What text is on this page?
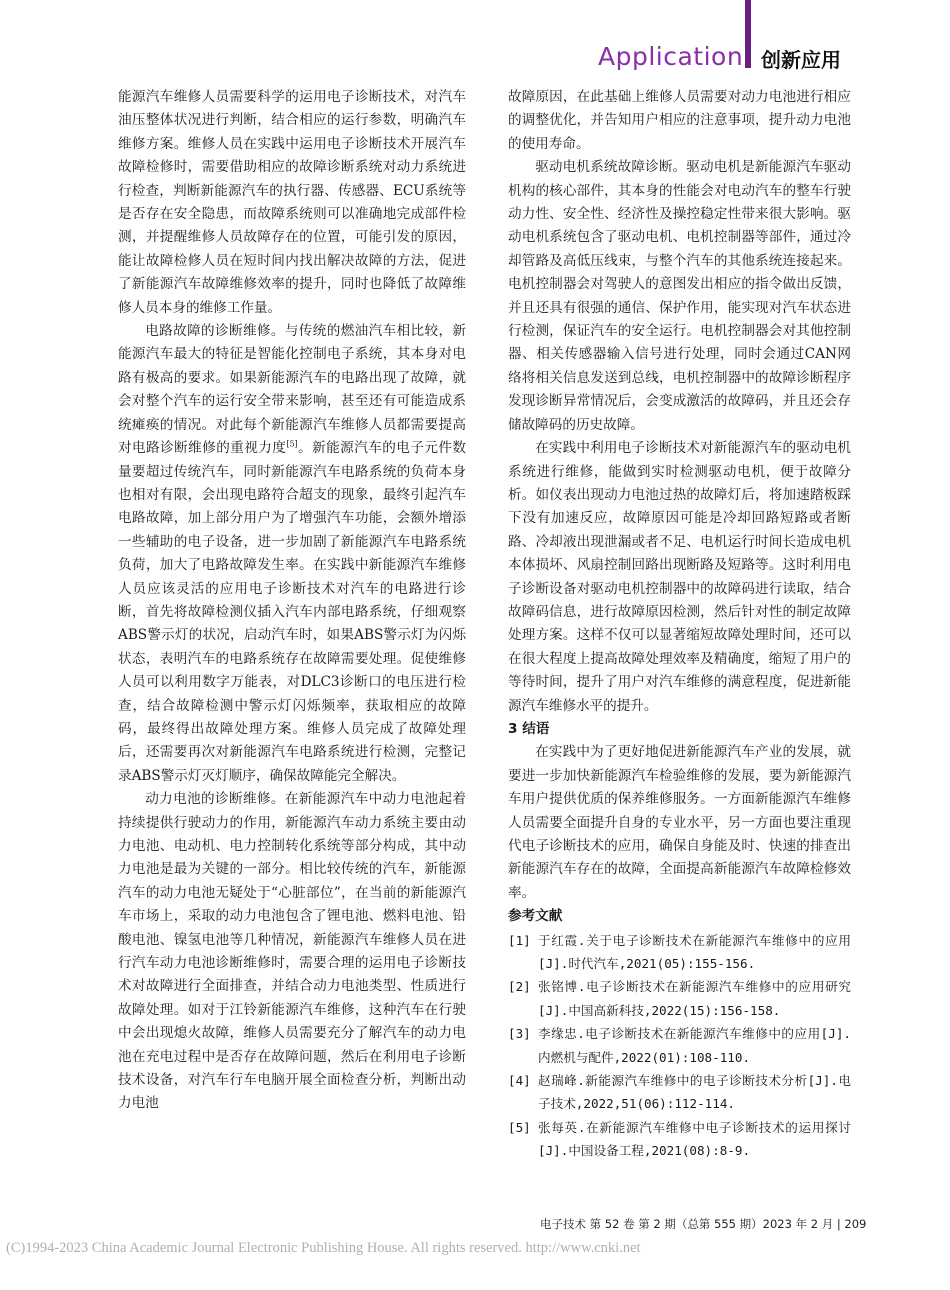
Application 创新应用

能源汽车维修人员需要科学的运用电子诊断技术，对汽车油压整体状况进行判断，结合相应的运行参数，明确汽车维修方案。维修人员在实践中运用电子诊断技术开展汽车故障检修时，需要借助相应的故障诊断系统对动力系统进行检查，判断新能源汽车的执行器、传感器、ECU系统等是否存在安全隐患，而故障系统则可以准确地完成部件检测，并提醒维修人员故障存在的位置，可能引发的原因，能让故障检修人员在短时间内找出解决故障的方法，促进了新能源汽车故障维修效率的提升，同时也降低了故障维修人员本身的维修工作量。

电路故障的诊断维修。与传统的燃油汽车相比较，新能源汽车最大的特征是智能化控制电子系统，其本身对电路有极高的要求。如果新能源汽车的电路出现了故障，就会对整个汽车的运行安全带来影响，甚至还有可能造成系统瘫痪的情况。对此每个新能源汽车维修人员都需要提高对电路诊断维修的重视力度[5]。新能源汽车的电子元件数量要超过传统汽车，同时新能源汽车电路系统的负荷本身也相对有限，会出现电路符合超支的现象，最终引起汽车电路故障，加上部分用户为了增强汽车功能，会额外增添一些辅助的电子设备，进一步加剧了新能源汽车电路系统负荷，加大了电路故障发生率。在实践中新能源汽车维修人员应该灵活的应用电子诊断技术对汽车的电路进行诊断，首先将故障检测仪插入汽车内部电路系统，仔细观察ABS警示灯的状况，启动汽车时，如果ABS警示灯为闪烁状态，表明汽车的电路系统存在故障需要处理。促使维修人员可以利用数字万能表，对DLC3诊断口的电压进行检查，结合故障检测中警示灯闪烁频率，获取相应的故障码，最终得出故障处理方案。维修人员完成了故障处理后，还需要再次对新能源汽车电路系统进行检测，完整记录ABS警示灯灭灯顺序，确保故障能完全解决。

动力电池的诊断维修。在新能源汽车中动力电池起着持续提供行驶动力的作用，新能源汽车动力系统主要由动力电池、电动机、电力控制转化系统等部分构成，其中动力电池是最为关键的一部分。相比较传统的汽车，新能源汽车的动力电池无疑处于“心脏部位”，在当前的新能源汽车市场上，采取的动力电池包含了锂电池、燃料电池、铅酸电池、镍氢电池等几种情况，新能源汽车维修人员在进行汽车动力电池诊断维修时，需要合理的运用电子诊断技术对故障进行全面排查，并结合动力电池类型、性质进行故障处理。如对于江铃新能源汽车维修，这种汽车在行驶中会出现熄火故障，维修人员需要充分了解汽车的动力电池在充电过程中是否存在故障问题，然后在利用电子诊断技术设备，对汽车行车电脑开展全面检查分析，判断出动力电池

故障原因，在此基础上维修人员需要对动力电池进行相应的调整优化，并告知用户相应的注意事项，提升动力电池的使用寿命。

驱动电机系统故障诊断。驱动电机是新能源汽车驱动机构的核心部件，其本身的性能会对电动汽车的整车行驶动力性、安全性、经济性及操控稳定性带来很大影响。驱动电机系统包含了驱动电机、电机控制器等部件，通过冷却管路及高低压线束，与整个汽车的其他系统连接起来。电机控制器会对驾驶人的意图发出相应的指令做出反馈，并且还具有很强的通信、保护作用，能实现对汽车状态进行检测，保证汽车的安全运行。电机控制器会对其他控制器、相关传感器输入信号进行处理，同时会通过CAN网络将相关信息发送到总线，电机控制器中的故障诊断程序发现诊断异常情况后，会变成激活的故障码，并且还会存储故障码的历史故障。

在实践中利用电子诊断技术对新能源汽车的驱动电机系统进行维修，能做到实时检测驱动电机，便于故障分析。如仪表出现动力电池过热的故障灯后，将加速踏板踩下没有加速反应，故障原因可能是冷却回路短路或者断路、冷却液出现泄漏或者不足、电机运行时间长造成电机本体损坏、风扇控制回路出现断路及短路等。这时利用电子诊断设备对驱动电机控制器中的故障码进行读取，结合故障码信息，进行故障原因检测，然后针对性的制定故障处理方案。这样不仅可以显著缩短故障处理时间，还可以在很大程度上提高故障处理效率及精确度，缩短了用户的等待时间，提升了用户对汽车维修的满意程度，促进新能源汽车维修水平的提升。

3 结语

在实践中为了更好地促进新能源汽车产业的发展，就要进一步加快新能源汽车检验维修的发展，要为新能源汽车用户提供优质的保养维修服务。一方面新能源汽车维修人员需要全面提升自身的专业水平，另一方面也要注重现代电子诊断技术的应用，确保自身能及时、快速的排查出新能源汽车存在的故障，全面提高新能源汽车故障检修效率。

参考文献
[1] 于红霞.关于电子诊断技术在新能源汽车维修中的应用[J].时代汽车,2021(05):155-156.
[2] 张铭博.电子诊断技术在新能源汽车维修中的应用研究[J].中国高新科技,2022(15):156-158.
[3] 李缘忠.电子诊断技术在新能源汽车维修中的应用[J].内燃机与配件,2022(01):108-110.
[4] 赵瑞峰.新能源汽车维修中的电子诊断技术分析[J].电子技术,2022,51(06):112-114.
[5] 张每英.在新能源汽车维修中电子诊断技术的运用探讨[J].中国设备工程,2021(08):8-9.
电子技术 第 52 卷 第 2 期（总第 555 期）2023 年 2 月 | 209
(C)1994-2023 China Academic Journal Electronic Publishing House. All rights reserved. http://www.cnki.net
